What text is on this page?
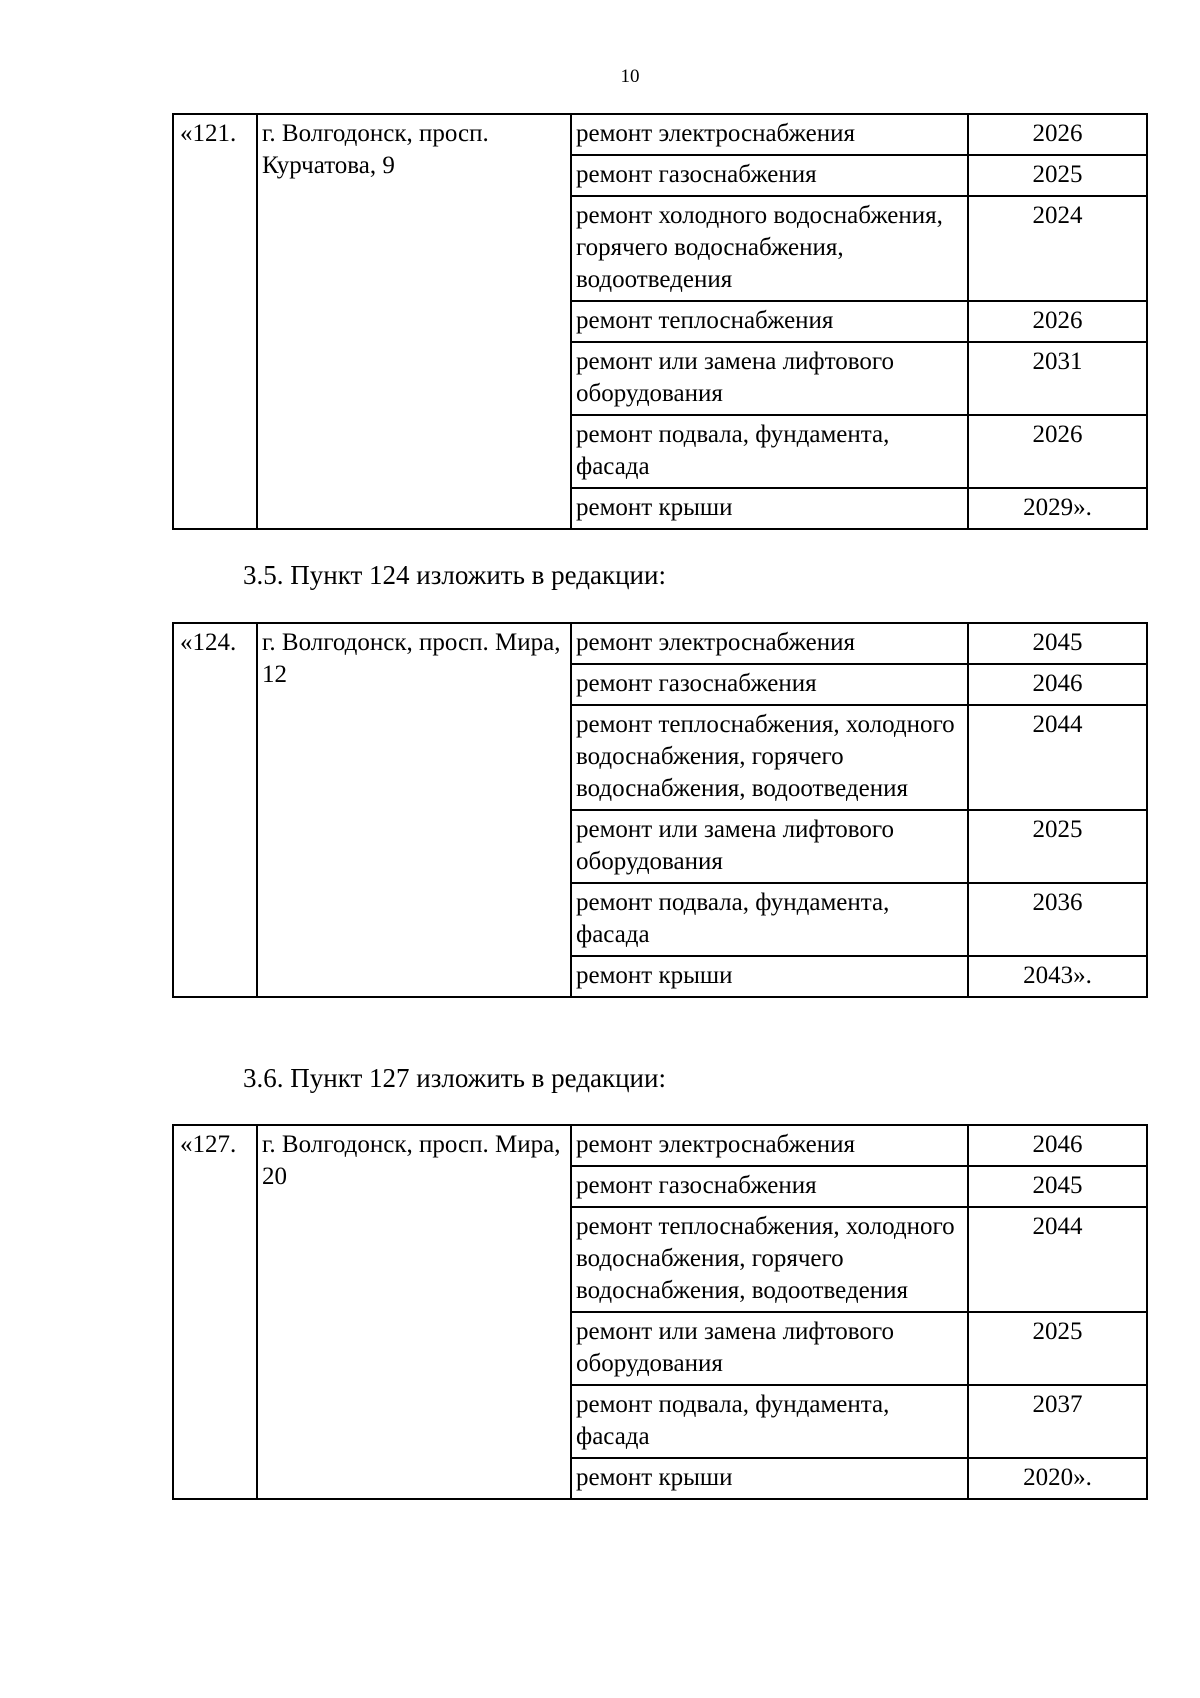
10
«121.	г. Волгодонск, просп. Курчатова, 9	ремонт электроснабжения	2026
		ремонт газоснабжения	2025
		ремонт холодного водоснабжения, горячего водоснабжения, водоотведения	2024
		ремонт теплоснабжения	2026
		ремонт или замена лифтового оборудования	2031
		ремонт подвала, фундамента, фасада	2026
		ремонт крыши	2029».
3.5. Пункт 124 изложить в редакции:
«124.	г. Волгодонск, просп. Мира, 12	ремонт электроснабжения	2045
		ремонт газоснабжения	2046
		ремонт теплоснабжения, холодного водоснабжения, горячего водоснабжения, водоотведения	2044
		ремонт или замена лифтового оборудования	2025
		ремонт подвала, фундамента, фасада	2036
		ремонт крыши	2043».
3.6. Пункт 127 изложить в редакции:
«127.	г. Волгодонск, просп. Мира, 20	ремонт электроснабжения	2046
		ремонт газоснабжения	2045
		ремонт теплоснабжения, холодного водоснабжения, горячего водоснабжения, водоотведения	2044
		ремонт или замена лифтового оборудования	2025
		ремонт подвала, фундамента, фасада	2037
		ремонт крыши	2020».
